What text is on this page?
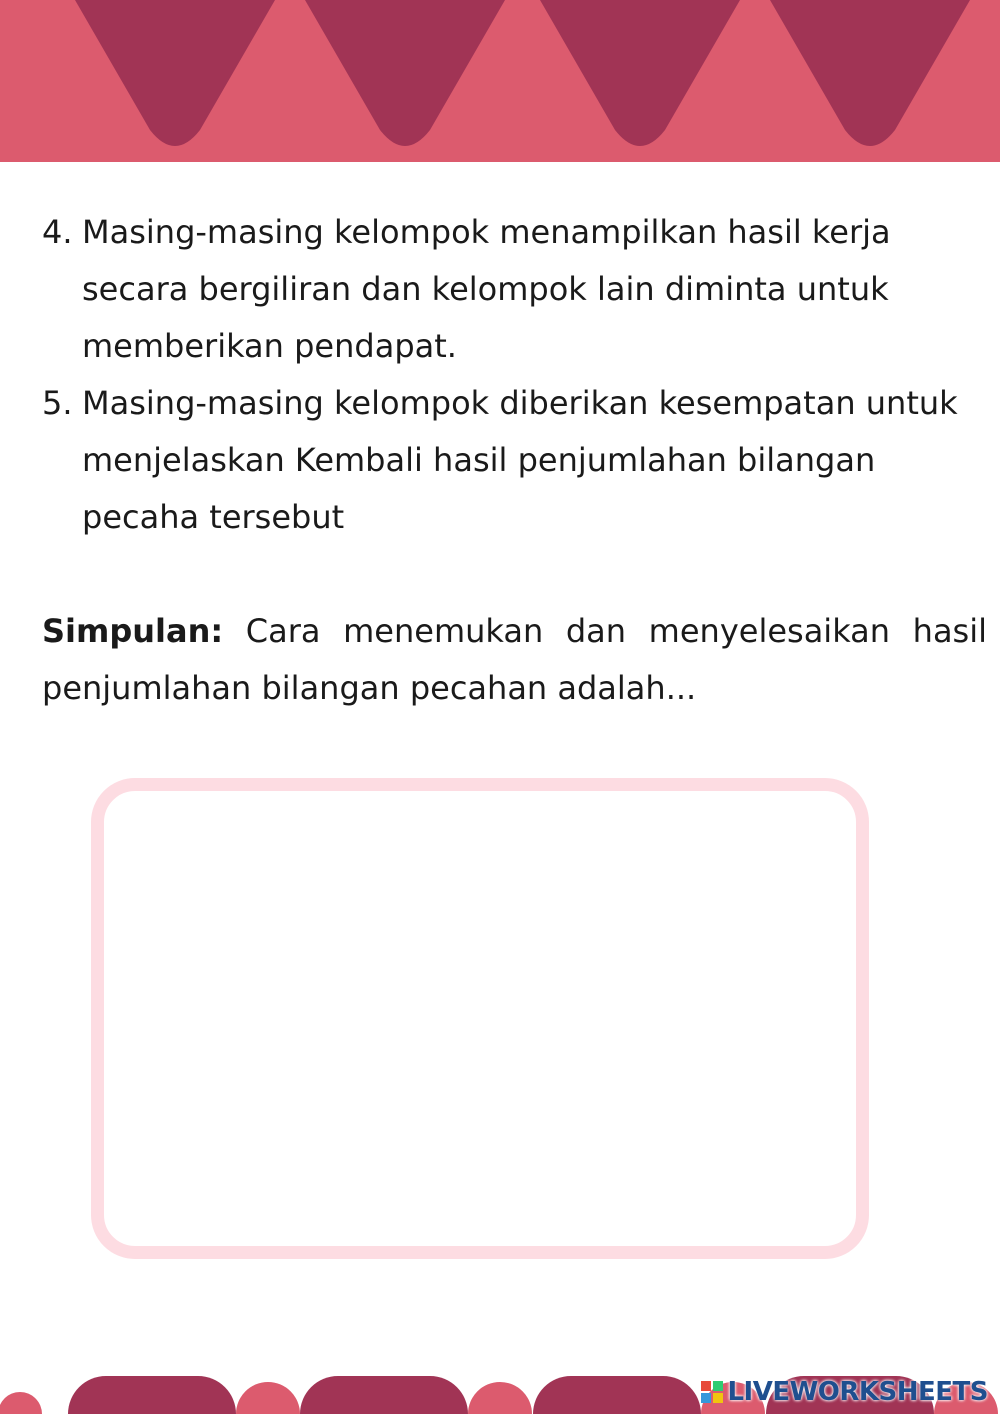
4. Masing-masing kelompok menampilkan hasil kerja secara bergiliran dan kelompok lain diminta untuk memberikan pendapat.
5. Masing-masing kelompok diberikan kesempatan untuk menjelaskan Kembali hasil penjumlahan bilangan pecaha tersebut

Simpulan: Cara menemukan dan menyelesaikan hasil penjumlahan bilangan pecahan adalah...

LIVEWORKSHEETS
